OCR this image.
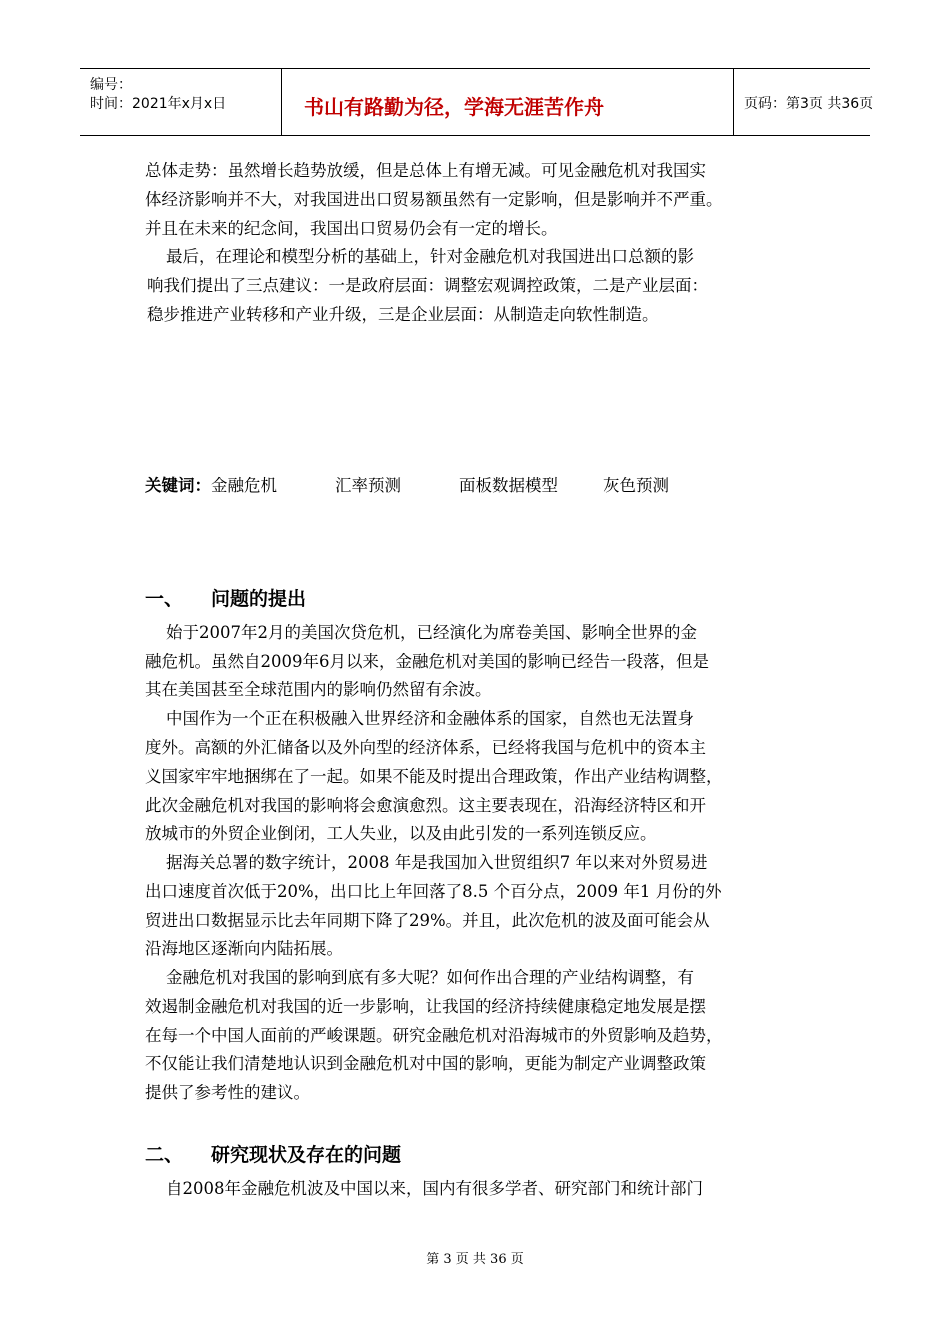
编号：
时间：2021年x月x日	书山有路勤为径，学海无涯苦作舟	页码：第3页 共36页
总体走势：虽然增长趋势放缓，但是总体上有增无减。可见金融危机对我国实
体经济影响并不大，对我国进出口贸易额虽然有一定影响，但是影响并不严重。
并且在未来的纪念间，我国出口贸易仍会有一定的增长。
最后，在理论和模型分析的基础上，针对金融危机对我国进出口总额的影
响我们提出了三点建议：一是政府层面：调整宏观调控政策，二是产业层面：
稳步推进产业转移和产业升级，三是企业层面：从制造走向软性制造。
关键词：金融危机	汇率预测	面板数据模型	灰色预测
一、 问题的提出
始于2007年2月的美国次贷危机，已经演化为席卷美国、影响全世界的金
融危机。虽然自2009年6月以来，金融危机对美国的影响已经告一段落，但是
其在美国甚至全球范围内的影响仍然留有余波。
中国作为一个正在积极融入世界经济和金融体系的国家，自然也无法置身
度外。高额的外汇储备以及外向型的经济体系，已经将我国与危机中的资本主
义国家牢牢地捆绑在了一起。如果不能及时提出合理政策，作出产业结构调整，
此次金融危机对我国的影响将会愈演愈烈。这主要表现在，沿海经济特区和开
放城市的外贸企业倒闭，工人失业，以及由此引发的一系列连锁反应。
据海关总署的数字统计，2008 年是我国加入世贸组织7 年以来对外贸易进
出口速度首次低于20%，出口比上年回落了8.5 个百分点，2009 年1 月份的外
贸进出口数据显示比去年同期下降了29%。并且，此次危机的波及面可能会从
沿海地区逐渐向内陆拓展。
金融危机对我国的影响到底有多大呢？如何作出合理的产业结构调整，有
效遏制金融危机对我国的近一步影响，让我国的经济持续健康稳定地发展是摆
在每一个中国人面前的严峻课题。研究金融危机对沿海城市的外贸影响及趋势，
不仅能让我们清楚地认识到金融危机对中国的影响，更能为制定产业调整政策
提供了参考性的建议。
二、 研究现状及存在的问题
自2008年金融危机波及中国以来，国内有很多学者、研究部门和统计部门
第 3 页 共 36 页
